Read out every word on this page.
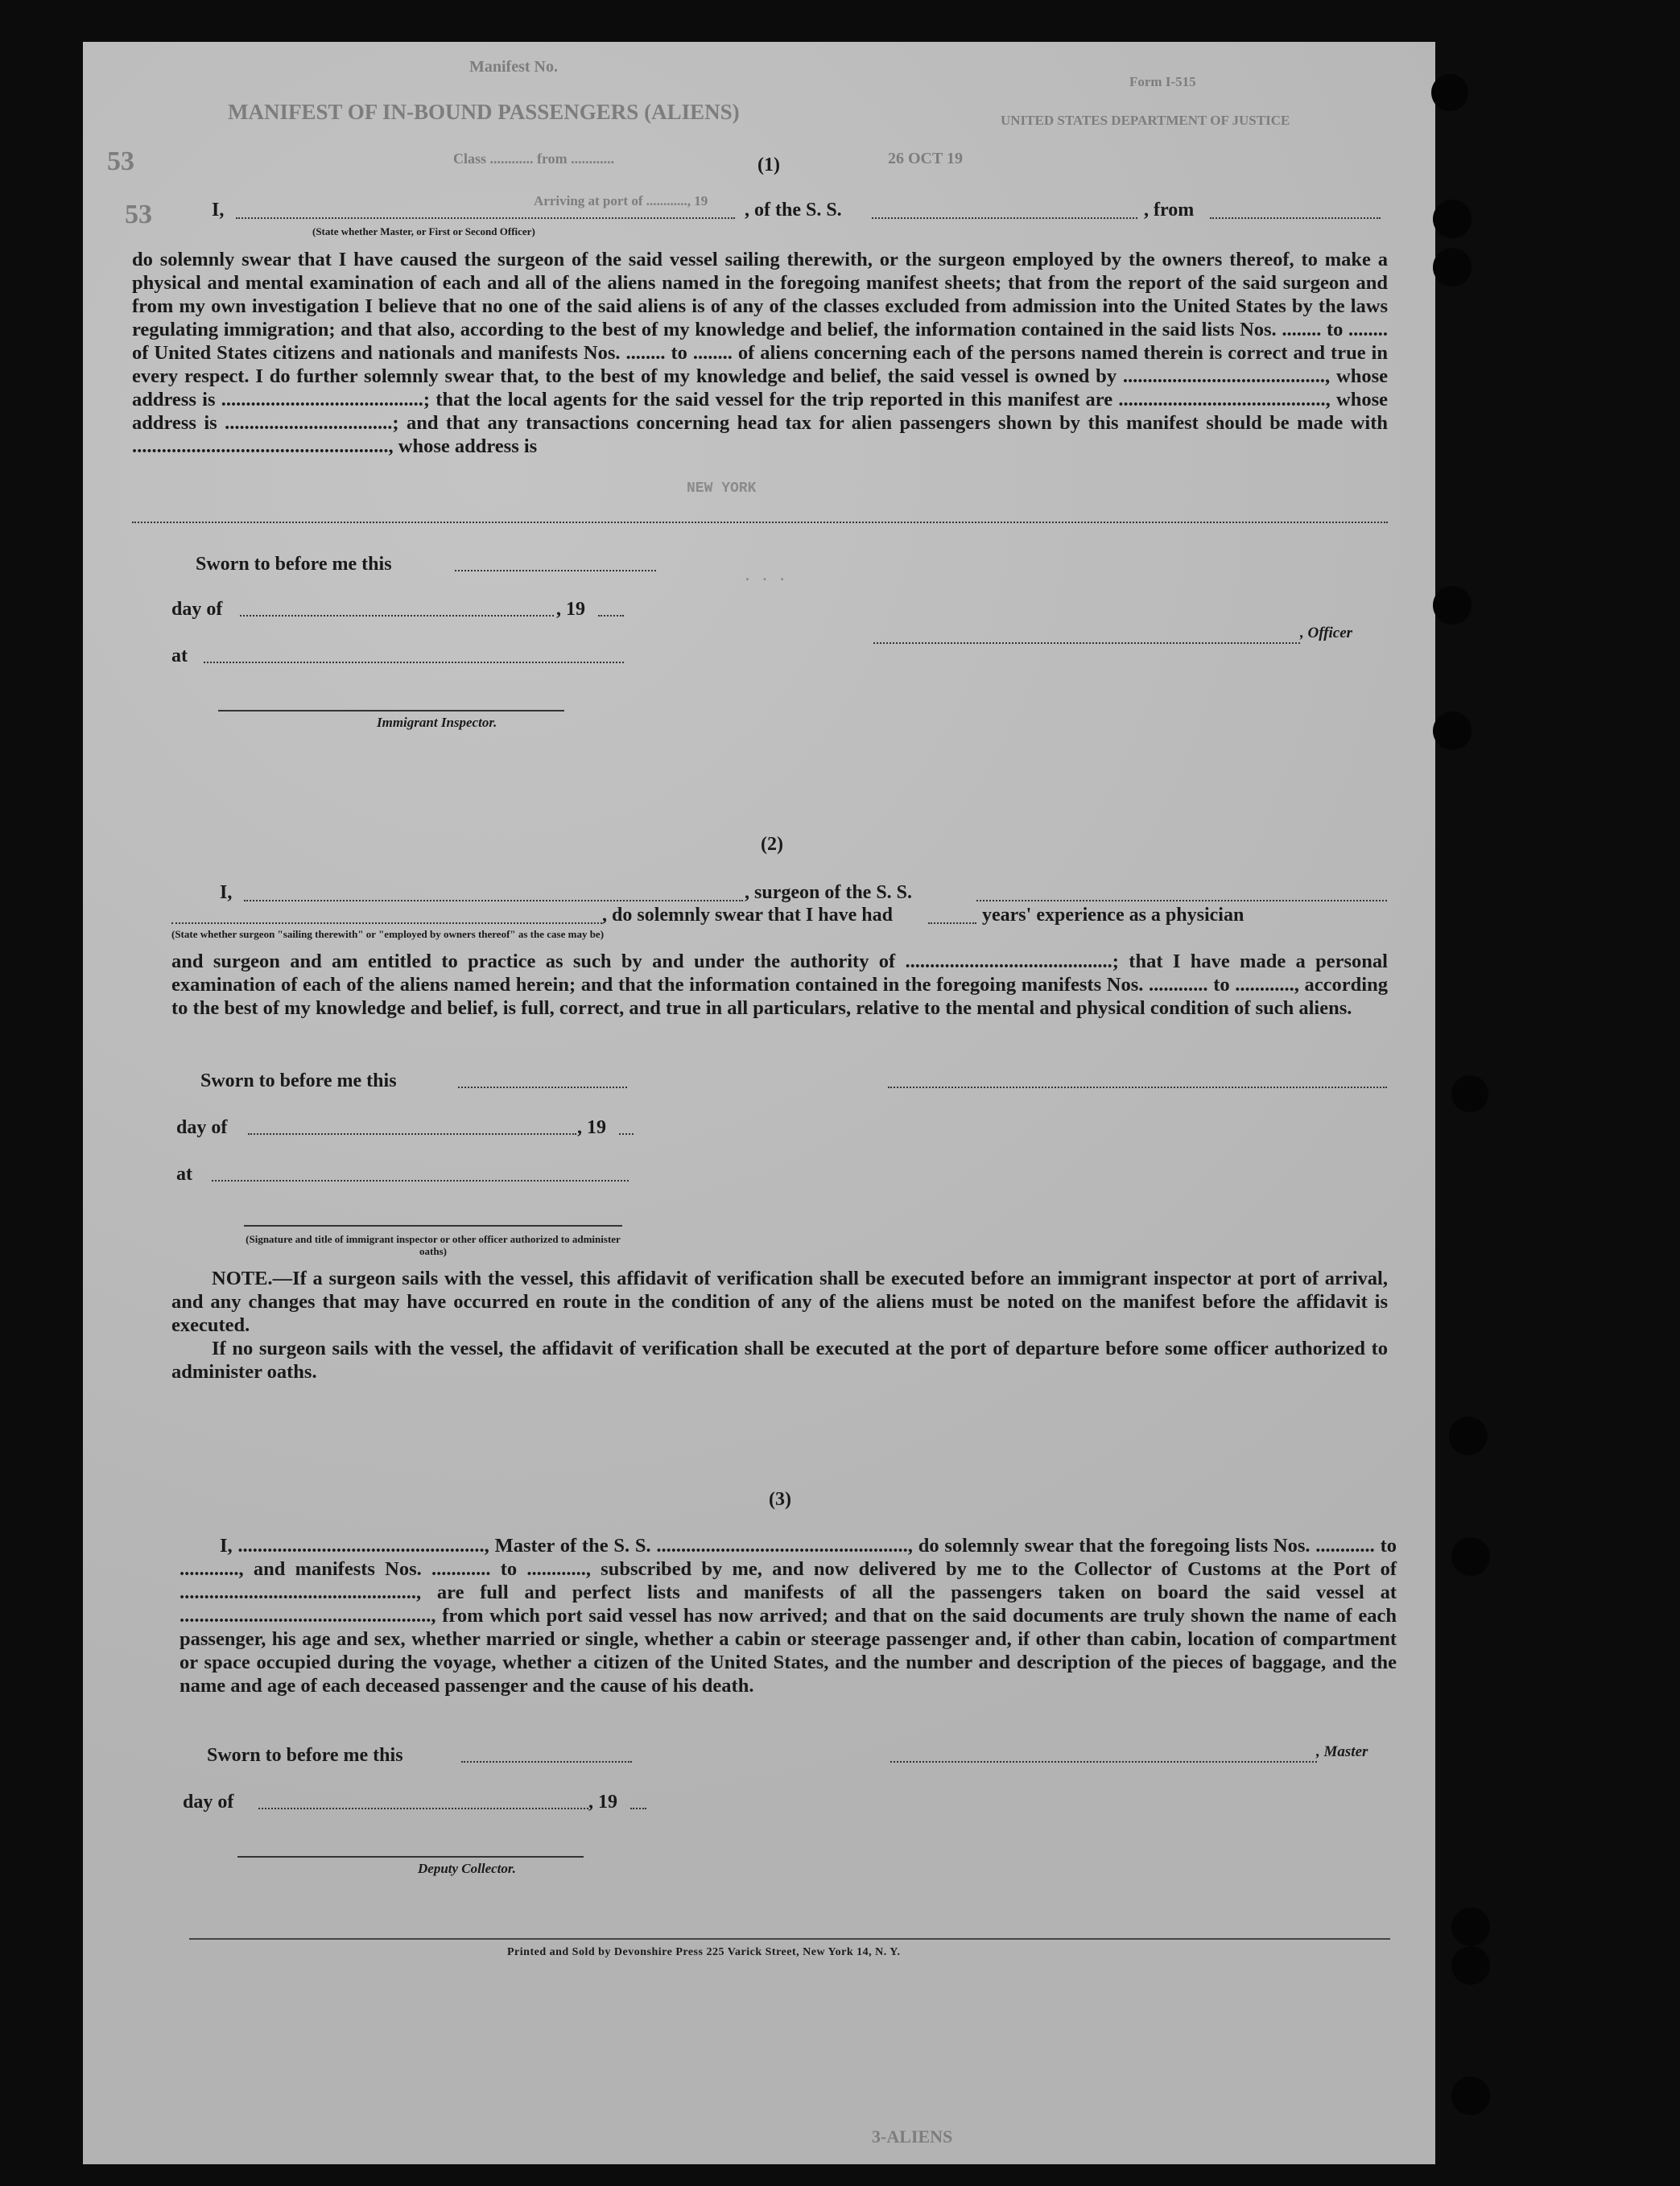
Manifest No.
MANIFEST OF IN-BOUND PASSENGERS (ALIENS)
Form I-515
UNITED STATES DEPARTMENT OF JUSTICE
Class ............ from ............	26 OCT 19
Arriving at port of ............, 19
53
53
(1)
I,	, of the S. S.	, from
(State whether Master, or First or Second Officer)

do solemnly swear that I have caused the surgeon of the said vessel sailing therewith, or the surgeon employed by the owners thereof, to make a physical and mental examination of each and all of the aliens named in the foregoing manifest sheets; that from the report of the said surgeon and from my own investigation I believe that no one of the said aliens is of any of the classes excluded from admission into the United States by the laws regulating immigration; and that also, according to the best of my knowledge and belief, the information contained in the said lists Nos. ........ to ........ of United States citizens and nationals and manifests Nos. ........ to ........ of aliens concerning each of the persons named therein is correct and true in every respect. I do further solemnly swear that, to the best of my knowledge and belief, the said vessel is owned by ........................................., whose address is .........................................; that the local agents for the said vessel for the trip reported in this manifest are .........................................., whose address is ..................................; and that any transactions concerning head tax for alien passengers shown by this manifest should be made with ...................................................., whose address is

Sworn to before me this
day of	, 19
at
, Officer
Immigrant Inspector.
NEW YORK
. . .
(2)
I,	, surgeon of the S. S.
, do solemnly swear that I have had	years' experience as a physician
(State whether surgeon "sailing therewith" or "employed by owners thereof" as the case may be)

and surgeon and am entitled to practice as such by and under the authority of ..........................................; that I have made a personal examination of each of the aliens named herein; and that the information contained in the foregoing manifests Nos. ............ to ............, according to the best of my knowledge and belief, is full, correct, and true in all particulars, relative to the mental and physical condition of such aliens.

Sworn to before me this
day of	, 19
at
(Signature and title of immigrant inspector or other officer authorized to administer oaths)

NOTE.—If a surgeon sails with the vessel, this affidavit of verification shall be executed before an immigrant inspector at port of arrival, and any changes that may have occurred en route in the condition of any of the aliens must be noted on the manifest before the affidavit is executed.

If no surgeon sails with the vessel, the affidavit of verification shall be executed at the port of departure before some officer authorized to administer oaths.

(3)

I, .................................................., Master of the S. S. ..................................................., do solemnly swear that the foregoing lists Nos. ............ to ............, and manifests Nos. ............ to ............, subscribed by me, and now delivered by me to the Collector of Customs at the Port of ................................................, are full and perfect lists and manifests of all the passengers taken on board the said vessel at ..................................................., from which port said vessel has now arrived; and that on the said documents are truly shown the name of each passenger, his age and sex, whether married or single, whether a cabin or steerage passenger and, if other than cabin, location of compartment or space occupied during the voyage, whether a citizen of the United States, and the number and description of the pieces of baggage, and the name and age of each deceased passenger and the cause of his death.

Sworn to before me this	, Master
day of	, 19
Deputy Collector.
Printed and Sold by Devonshire Press 225 Varick Street, New York 14, N. Y.
3-ALIENS
